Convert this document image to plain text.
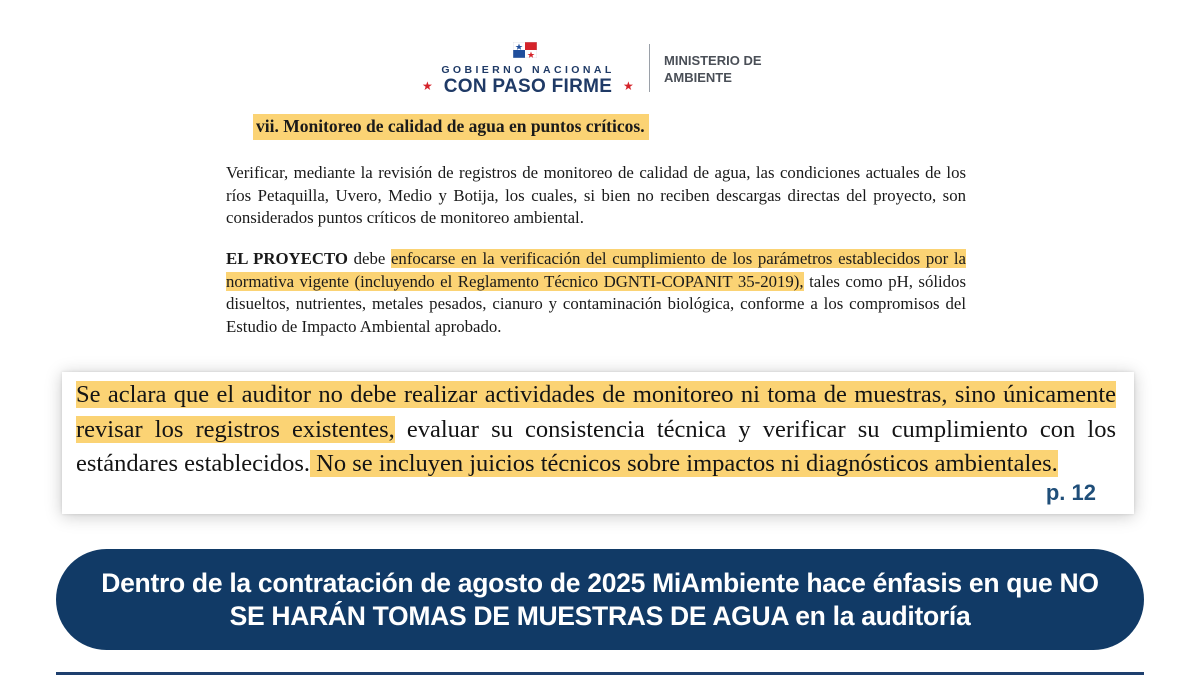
GOBIERNO NACIONAL
★ CON PASO FIRME ★
MINISTERIO DE
AMBIENTE
vii. Monitoreo de calidad de agua en puntos críticos.

Verificar, mediante la revisión de registros de monitoreo de calidad de agua, las condiciones actuales de los ríos Petaquilla, Uvero, Medio y Botija, los cuales, si bien no reciben descargas directas del proyecto, son considerados puntos críticos de monitoreo ambiental.

EL PROYECTO debe enfocarse en la verificación del cumplimiento de los parámetros establecidos por la normativa vigente (incluyendo el Reglamento Técnico DGNTI-COPANIT 35-2019), tales como pH, sólidos disueltos, nutrientes, metales pesados, cianuro y contaminación biológica, conforme a los compromisos del Estudio de Impacto Ambiental aprobado.

Se aclara que el auditor no debe realizar actividades de monitoreo ni toma de muestras, sino únicamente revisar los registros existentes, evaluar su consistencia técnica y verificar su cumplimiento con los estándares establecidos. No se incluyen juicios técnicos sobre impactos ni diagnósticos ambientales.

p. 12
Dentro de la contratación de agosto de 2025 MiAmbiente hace énfasis en que NO SE HARÁN TOMAS DE MUESTRAS DE AGUA en la auditoría
